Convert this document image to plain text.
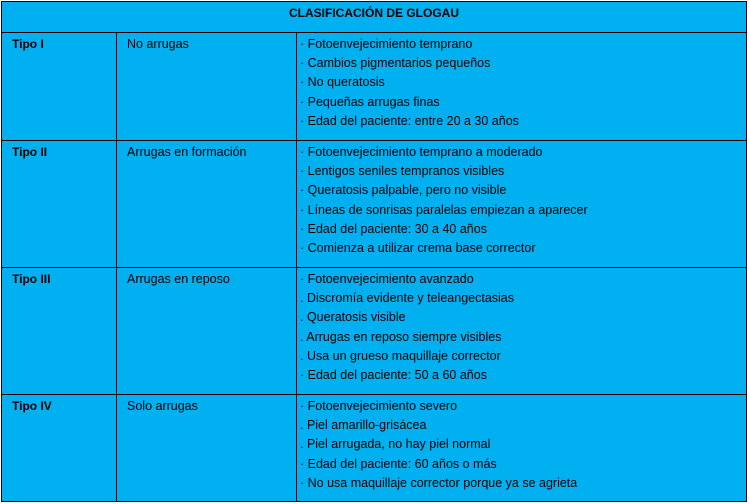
CLASIFICACIÓN DE GLOGAU
Tipo I	No arrugas	· Fotoenvejecimiento temprano
· Cambios pigmentarios pequeños
· No queratosis
· Pequeñas arrugas finas
· Edad del paciente: entre 20 a 30 años
Tipo II	Arrugas en formación	· Fotoenvejecimiento temprano a moderado
· Lentigos seniles tempranos visibles
· Queratosis palpable, pero no visible
· Líneas de sonrisas paralelas empiezan a aparecer
· Edad del paciente: 30 a 40 años
· Comienza a utilizar crema base corrector
Tipo III	Arrugas en reposo	· Fotoenvejecimiento avanzado
. Discromía evidente y teleangectasias
. Queratosis visible
. Arrugas en reposo siempre visibles
. Usa un grueso maquillaje corrector
· Edad del paciente: 50 a 60 años
Tipo IV	Solo arrugas	· Fotoenvejecimiento severo
. Piel amarillo-grisácea
. Piel arrugada, no hay piel normal
· Edad del paciente: 60 años o más
· No usa maquillaje corrector porque ya se agrieta
